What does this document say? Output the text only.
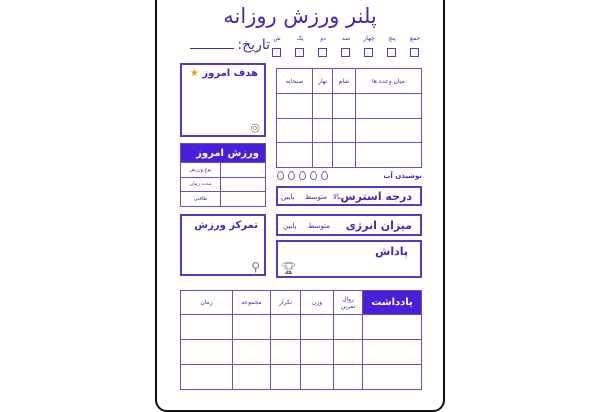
پلنر ورزش روزانه
تاریخ:	جمع
پنج
چهار
سه
دو
یک
ش
هدف امروز ★
◎
صبحانه	نهار	شام	میان وعده ها

ورزش امروز	
نوع ورزش	
مدت زمان	
طاقتی	
نوشیدن آب
درجه استرس
بالا
متوسط
پایین
تمرکز ورزش
⚲
میزان انرژی
متوسط
پایین
پاداش
🏆︎
زمان	مجموعه	تکرار	وزن	روال تمرین	یادداشت
